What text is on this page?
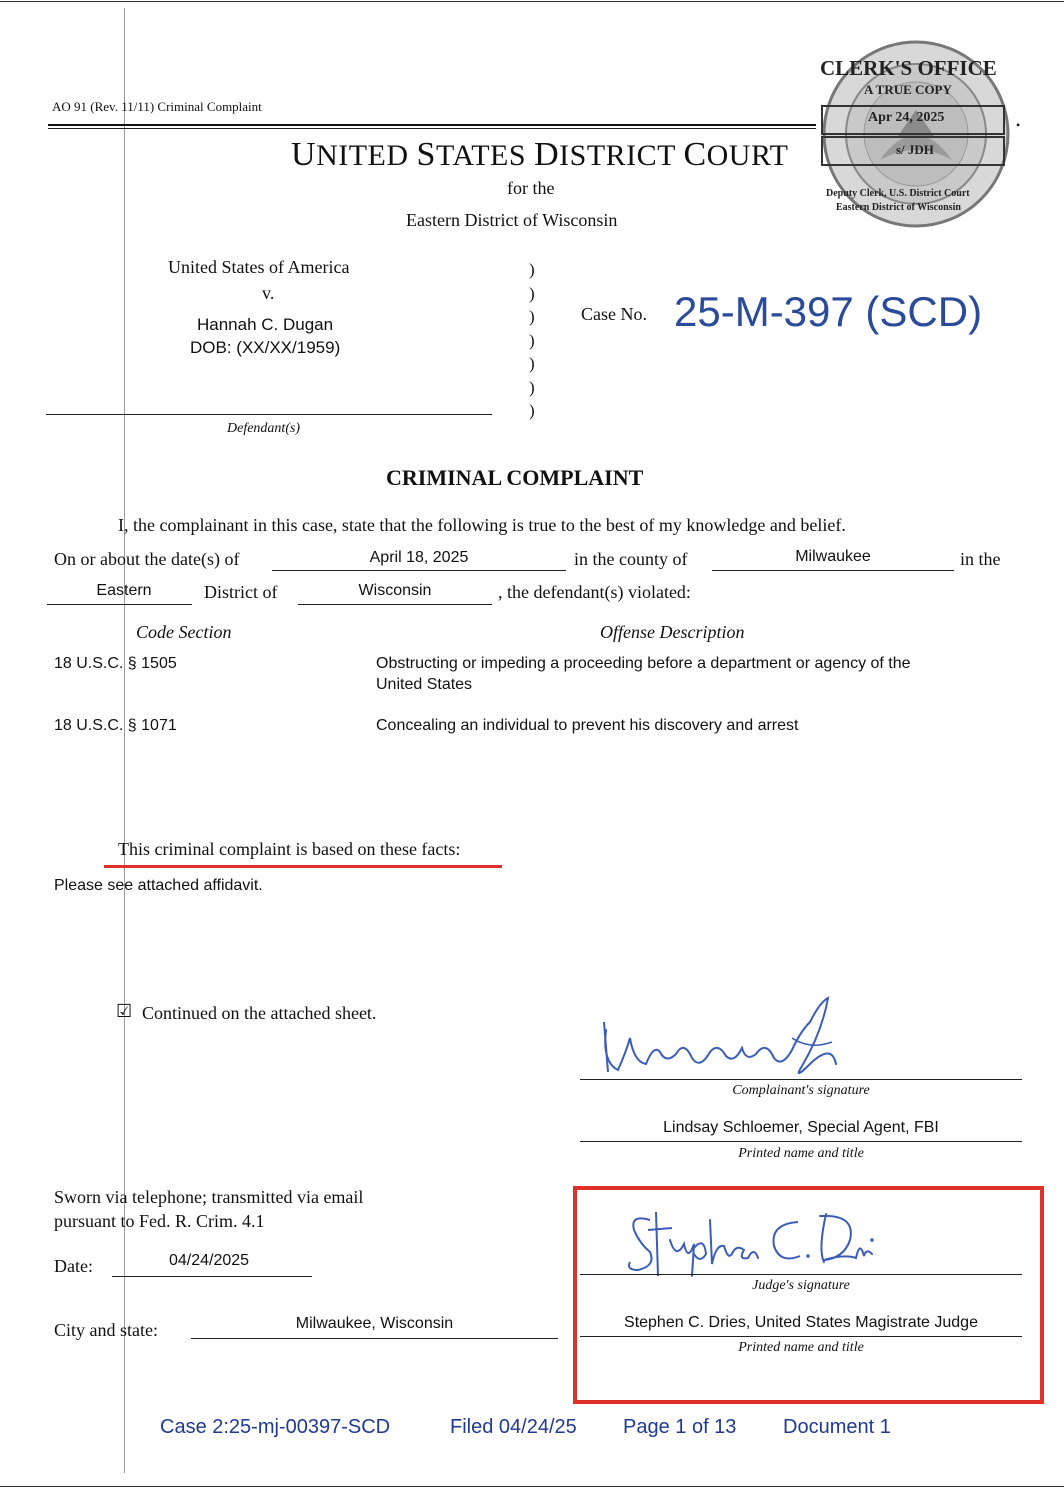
AO 91 (Rev. 11/11) Criminal Complaint
•
UNITED STATES DISTRICT COURT
for the
Eastern District of Wisconsin
CLERK'S OFFICE
A TRUE COPY
Apr 24, 2025
s/ JDH
Deputy Clerk, U.S. District Court
Eastern District of Wisconsin
United States of America
v.
Hannah C. Dugan
DOB: (XX/XX/1959)
Defendant(s)
)
)
)
)
)
)
)
Case No. 25-M-397 (SCD)
CRIMINAL COMPLAINT
I, the complainant in this case, state that the following is true to the best of my knowledge and belief.
On or about the date(s) of	April 18, 2025	in the county of	Milwaukee	in the
Eastern	District of	Wisconsin	, the defendant(s) violated:
Code Section	Offense Description
18 U.S.C. § 1505	Obstructing or impeding a proceeding before a department or agency of the
United States
18 U.S.C. § 1071	Concealing an individual to prevent his discovery and arrest
This criminal complaint is based on these facts:
Please see attached affidavit.
☑ Continued on the attached sheet.
Complainant's signature
Lindsay Schloemer, Special Agent, FBI
Printed name and title
Sworn via telephone; transmitted via email
pursuant to Fed. R. Crim. 4.1
Date:	04/24/2025
City and state:	Milwaukee, Wisconsin
Judge's signature
Stephen C. Dries, United States Magistrate Judge
Printed name and title
Case 2:25-mj-00397-SCD	Filed 04/24/25 Page 1 of 13 Document 1
